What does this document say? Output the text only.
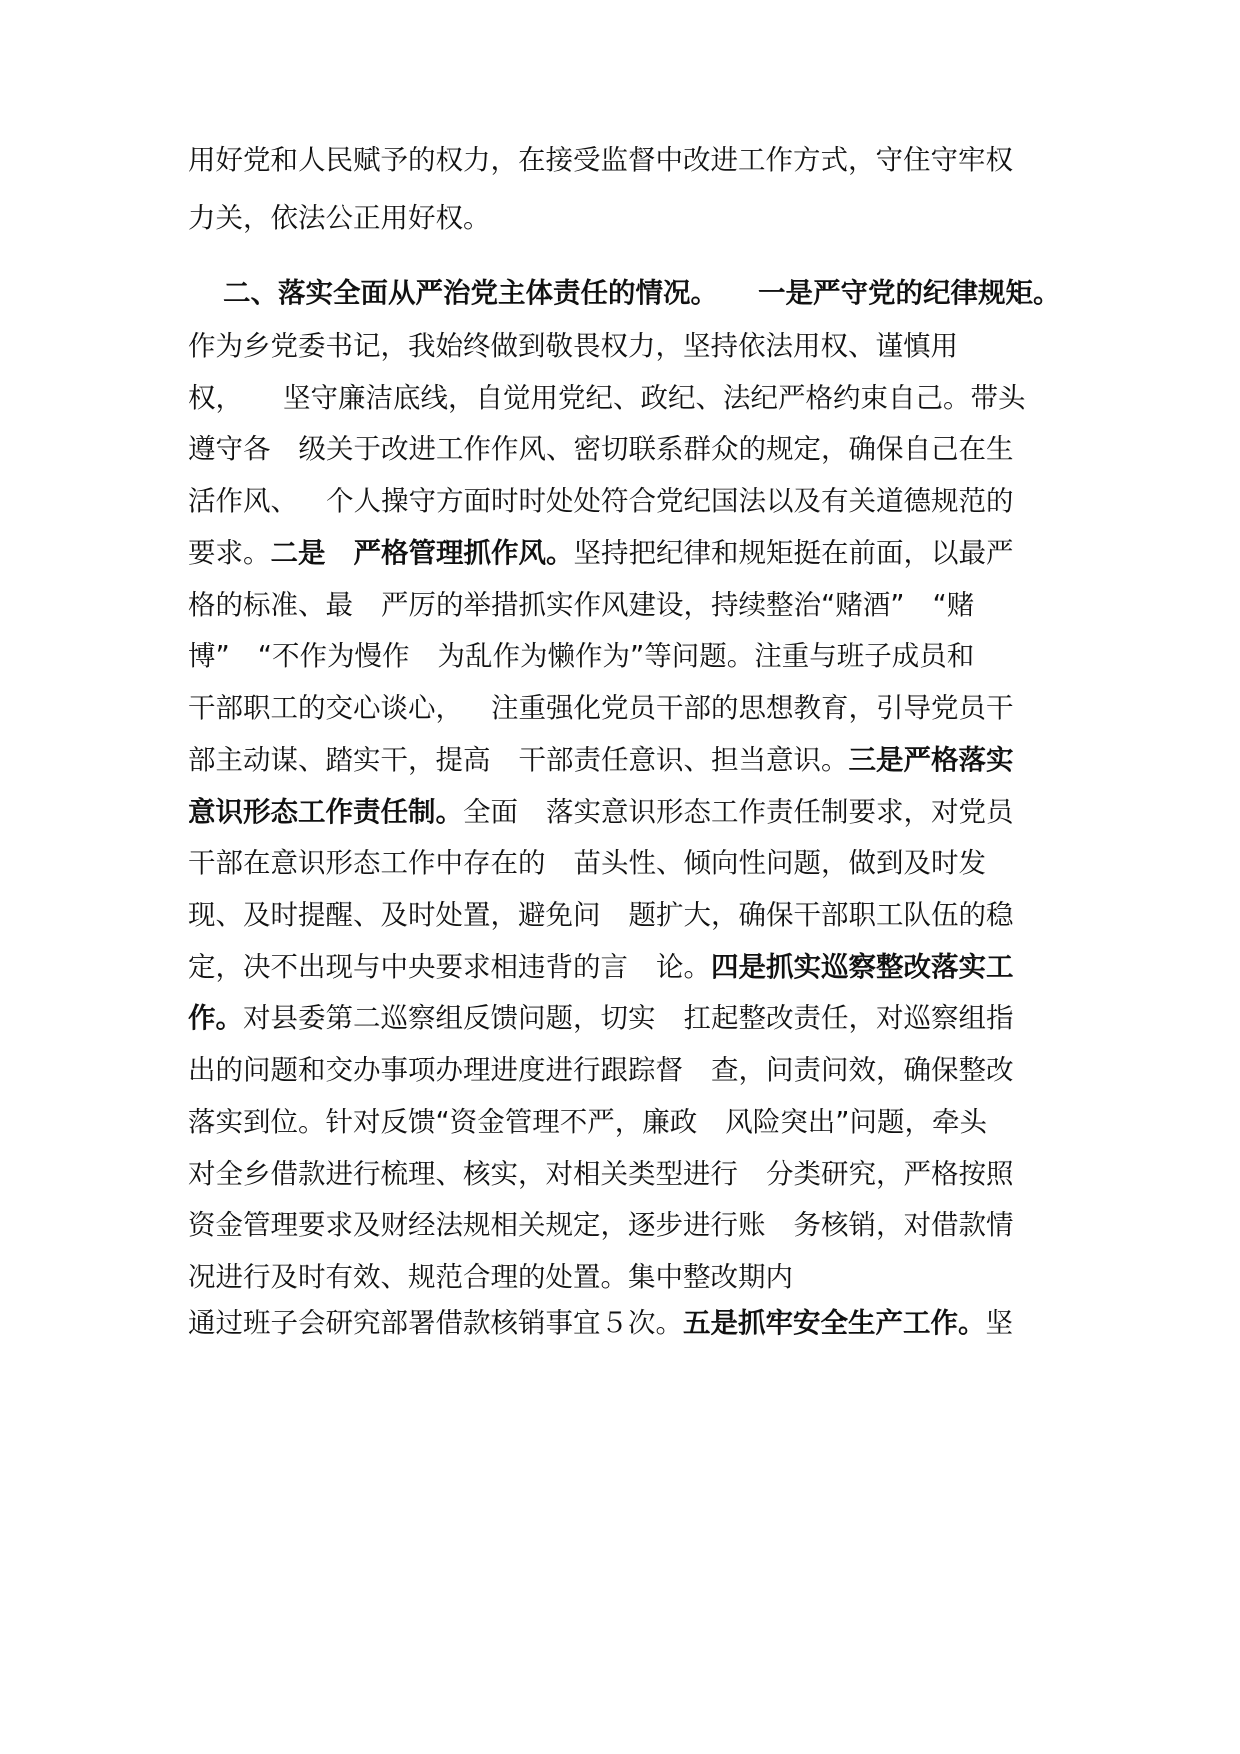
用好党和人民赋予的权力，在接受监督中改进工作方式，守住守牢权
力关，依法公正用好权。
二、落实全面从严治党主体责任的情况。 一是严守党的纪律规矩。
作为乡党委书记，我始终做到敬畏权力，坚持依法用权、谨慎用
权， 坚守廉洁底线，自觉用党纪、政纪、法纪严格约束自己。带头
遵守各 级关于改进工作作风、密切联系群众的规定，确保自己在生
活作风、 个人操守方面时时处处符合党纪国法以及有关道德规范的
要求。二是 严格管理抓作风。坚持把纪律和规矩挺在前面，以最严
格的标准、最 严厉的举措抓实作风建设，持续整治“赌酒” “赌
博” “不作为慢作 为乱作为懒作为”等问题。注重与班子成员和
干部职工的交心谈心， 注重强化党员干部的思想教育，引导党员干
部主动谋、踏实干，提高 干部责任意识、担当意识。三是严格落实
意识形态工作责任制。全面 落实意识形态工作责任制要求，对党员
干部在意识形态工作中存在的 苗头性、倾向性问题，做到及时发
现、及时提醒、及时处置，避免问 题扩大，确保干部职工队伍的稳
定，决不出现与中央要求相违背的言 论。四是抓实巡察整改落实工
作。对县委第二巡察组反馈问题，切实 扛起整改责任，对巡察组指
出的问题和交办事项办理进度进行跟踪督 查，问责问效，确保整改
落实到位。针对反馈“资金管理不严，廉政 风险突出”问题，牵头
对全乡借款进行梳理、核实，对相关类型进行 分类研究，严格按照
资金管理要求及财经法规相关规定，逐步进行账 务核销，对借款情
况进行及时有效、规范合理的处置。集中整改期内
通过班子会研究部署借款核销事宜５次。五是抓牢安全生产工作。坚
